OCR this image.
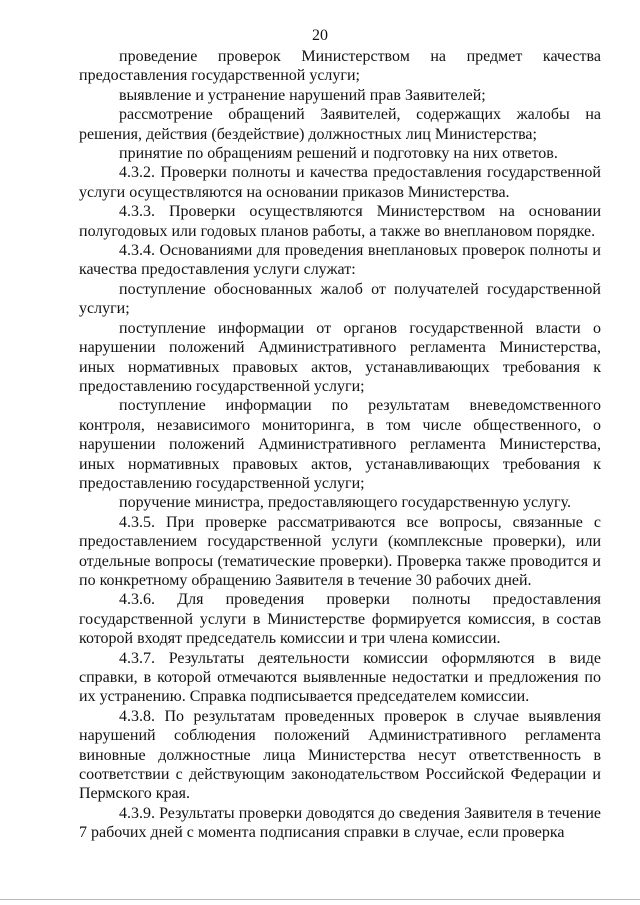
20

проведение проверок Министерством на предмет качества предоставления государственной услуги;

выявление и устранение нарушений прав Заявителей;

рассмотрение обращений Заявителей, содержащих жалобы на решения, действия (бездействие) должностных лиц Министерства;

принятие по обращениям решений и подготовку на них ответов.

4.3.2. Проверки полноты и качества предоставления государственной услуги осуществляются на основании приказов Министерства.

4.3.3. Проверки осуществляются Министерством на основании полугодовых или годовых планов работы, а также во внеплановом порядке.

4.3.4. Основаниями для проведения внеплановых проверок полноты и качества предоставления услуги служат:

поступление обоснованных жалоб от получателей государственной услуги;

поступление информации от органов государственной власти о нарушении положений Административного регламента Министерства, иных нормативных правовых актов, устанавливающих требования к предоставлению государственной услуги;

поступление информации по результатам вневедомственного контроля, независимого мониторинга, в том числе общественного, о нарушении положений Административного регламента Министерства, иных нормативных правовых актов, устанавливающих требования к предоставлению государственной услуги;

поручение министра, предоставляющего государственную услугу.

4.3.5. При проверке рассматриваются все вопросы, связанные с предоставлением государственной услуги (комплексные проверки), или отдельные вопросы (тематические проверки). Проверка также проводится и по конкретному обращению Заявителя в течение 30 рабочих дней.

4.3.6. Для проведения проверки полноты предоставления государственной услуги в Министерстве формируется комиссия, в состав которой входят председатель комиссии и три члена комиссии.

4.3.7. Результаты деятельности комиссии оформляются в виде справки, в которой отмечаются выявленные недостатки и предложения по их устранению. Справка подписывается председателем комиссии.

4.3.8. По результатам проведенных проверок в случае выявления нарушений соблюдения положений Административного регламента виновные должностные лица Министерства несут ответственность в соответствии с действующим законодательством Российской Федерации и Пермского края.

4.3.9. Результаты проверки доводятся до сведения Заявителя в течение 7 рабочих дней с момента подписания справки в случае, если проверка
